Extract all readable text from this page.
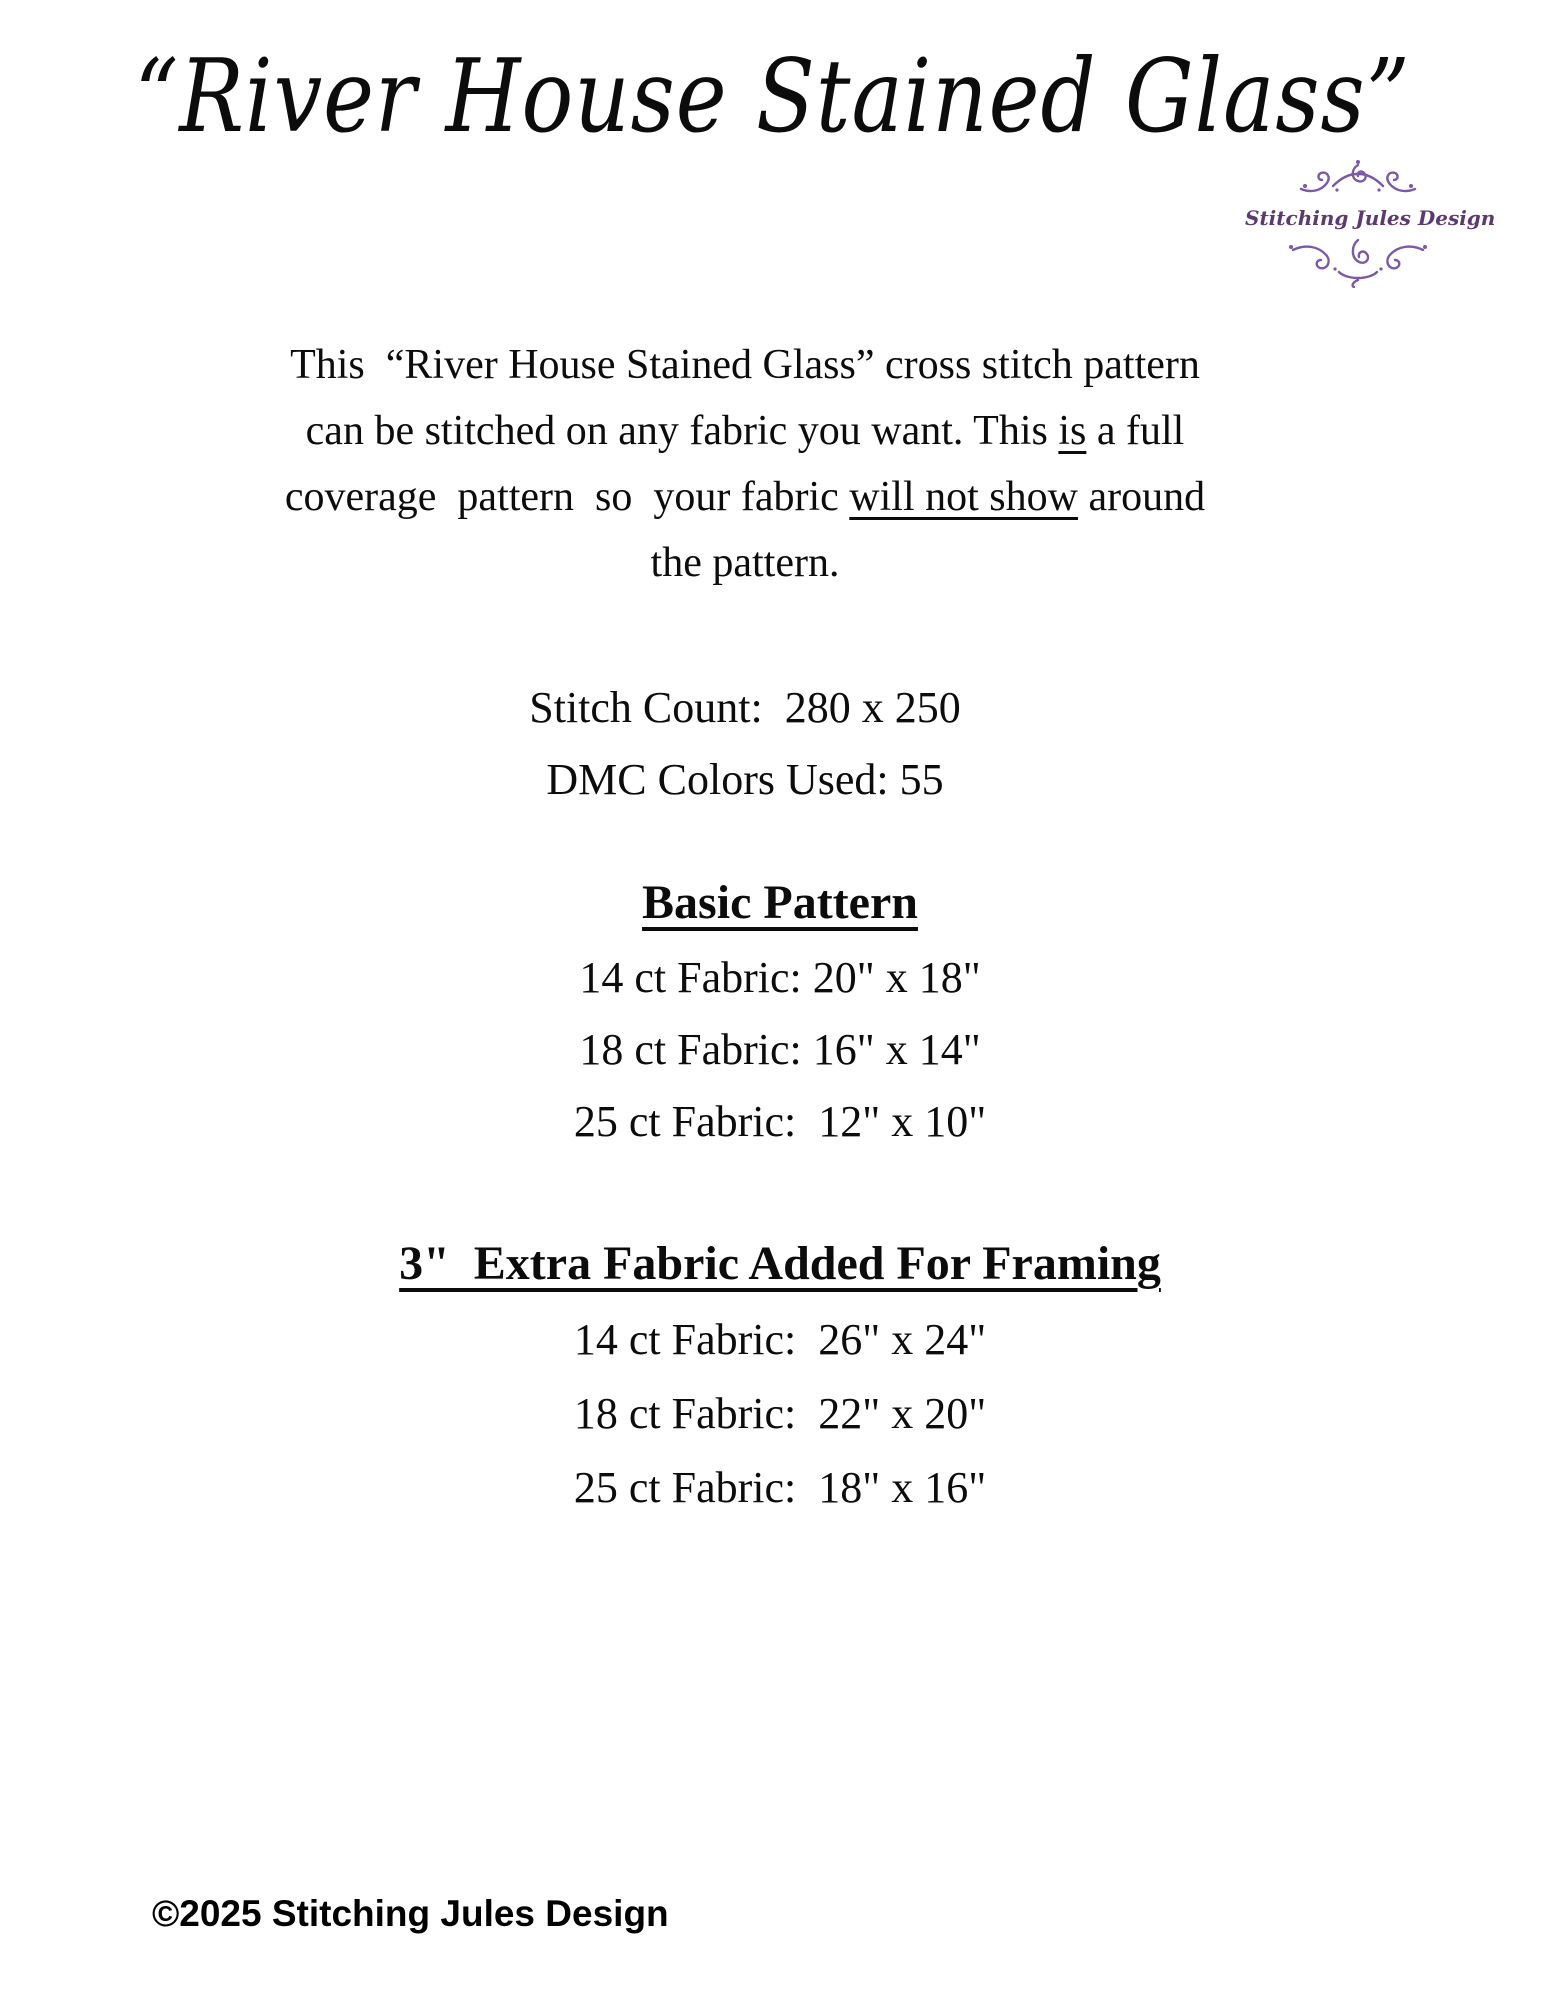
“River House Stained Glass”
Stitching Jules Design
This  “River House Stained Glass” cross stitch pattern
can be stitched on any fabric you want. This is a full
coverage  pattern  so  your fabric will not show around
the pattern.
Stitch Count:  280 x 250
DMC Colors Used: 55
Basic Pattern
14 ct Fabric: 20" x 18"
18 ct Fabric: 16" x 14"
25 ct Fabric:  12" x 10"
3"  Extra Fabric Added For Framing
14 ct Fabric:  26" x 24"
18 ct Fabric:  22" x 20"
25 ct Fabric:  18" x 16"
©2025 Stitching Jules Design
